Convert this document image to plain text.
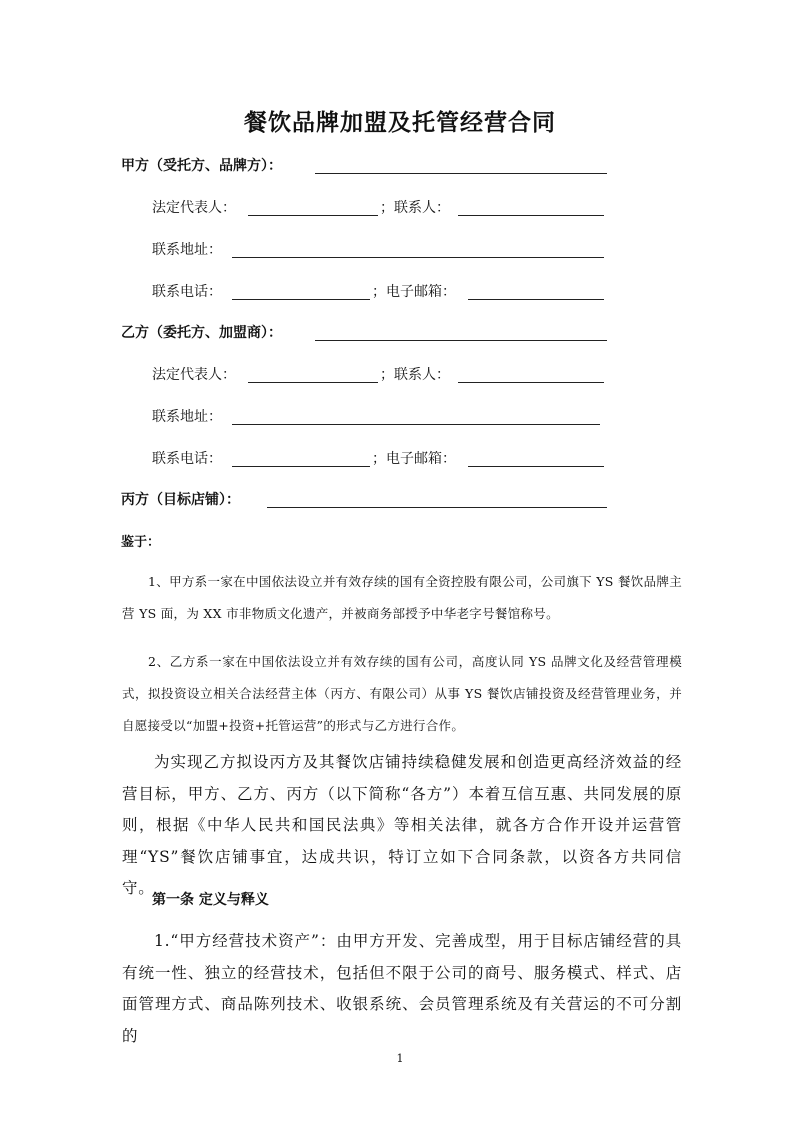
餐饮品牌加盟及托管经营合同
甲方（受托方、品牌方）：
法定代表人：	；联系人：
联系地址：
联系电话：	；电子邮箱：
乙方（委托方、加盟商）：
法定代表人：	；联系人：
联系地址：
联系电话：	；电子邮箱：
丙方（目标店铺）：
鉴于：

1、甲方系一家在中国依法设立并有效存续的国有全资控股有限公司，公司旗下 YS 餐饮品牌主营 YS 面，为 XX 市非物质文化遗产，并被商务部授予中华老字号餐馆称号。

2、乙方系一家在中国依法设立并有效存续的国有公司，高度认同 YS 品牌文化及经营管理模式，拟投资设立相关合法经营主体（丙方、有限公司）从事 YS 餐饮店铺投资及经营管理业务，并自愿接受以“加盟+投资+托管运营”的形式与乙方进行合作。

为实现乙方拟设丙方及其餐饮店铺持续稳健发展和创造更高经济效益的经营目标，甲方、乙方、丙方（以下简称“各方”）本着互信互惠、共同发展的原则，根据《中华人民共和国民法典》等相关法律，就各方合作开设并运营管理“YS”餐饮店铺事宜，达成共识，特订立如下合同条款，以资各方共同信守。

第一条 定义与释义

1.“甲方经营技术资产”：由甲方开发、完善成型，用于目标店铺经营的具有统一性、独立的经营技术，包括但不限于公司的商号、服务模式、样式、店面管理方式、商品陈列技术、收银系统、会员管理系统及有关营运的不可分割的

1
